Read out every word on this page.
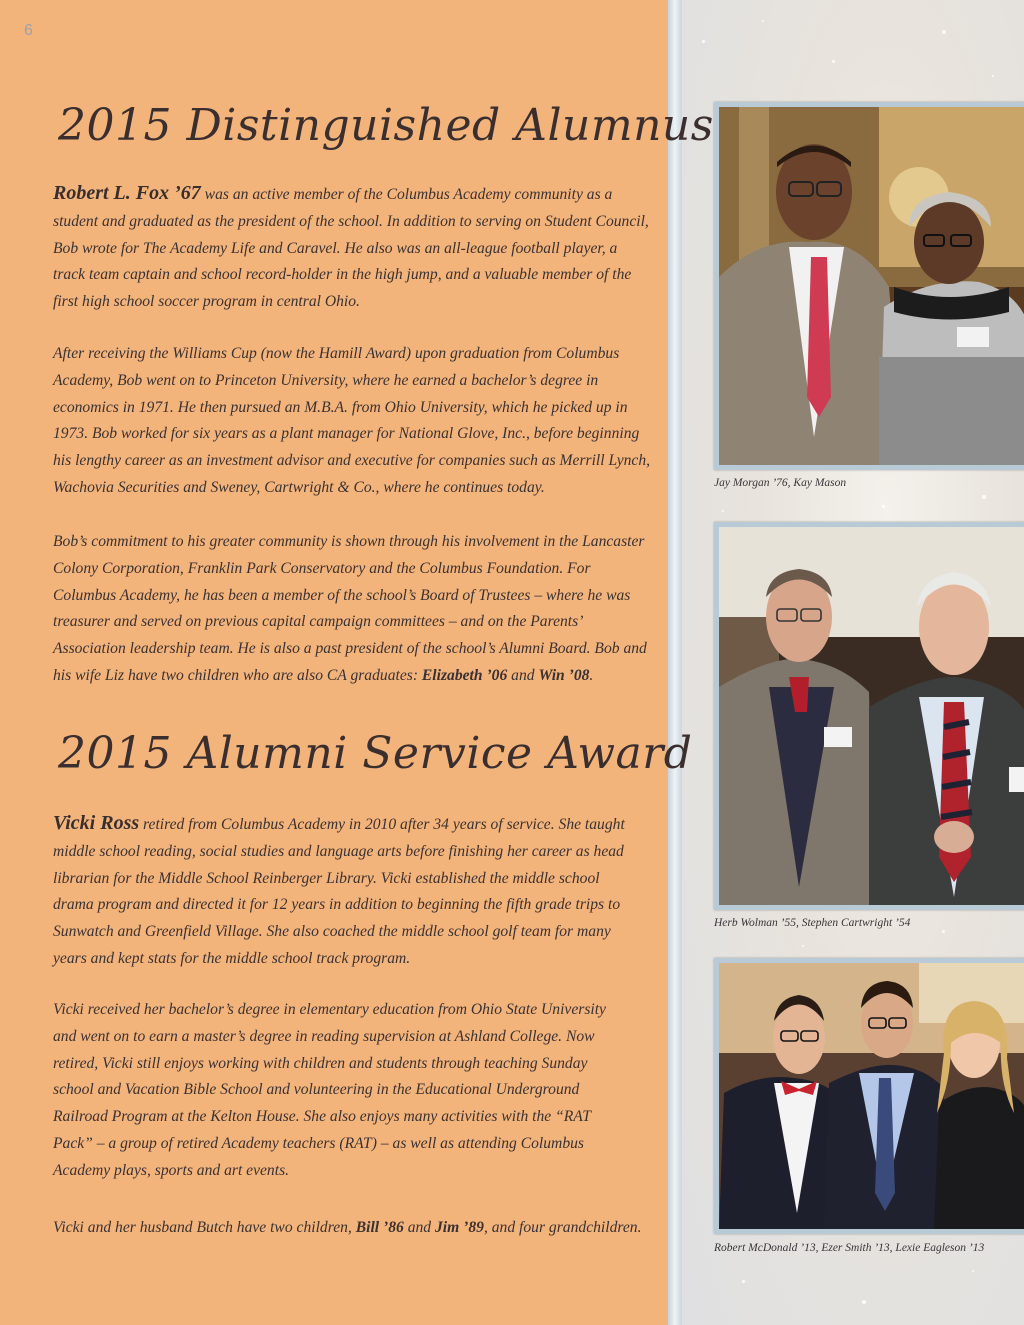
6
2015 Distinguished Alumnus

Robert L. Fox ’67 was an active member of the Columbus Academy community as a student and graduated as the president of the school. In addition to serving on Student Council, Bob wrote for The Academy Life and Caravel. He also was an all-league football player, a track team captain and school record-holder in the high jump, and a valuable member of the first high school soccer program in central Ohio.

After receiving the Williams Cup (now the Hamill Award) upon graduation from Columbus Academy, Bob went on to Princeton University, where he earned a bachelor’s degree in economics in 1971. He then pursued an M.B.A. from Ohio University, which he picked up in 1973. Bob worked for six years as a plant manager for National Glove, Inc., before beginning his lengthy career as an investment advisor and executive for companies such as Merrill Lynch, Wachovia Securities and Sweney, Cartwright & Co., where he continues today.

Bob’s commitment to his greater community is shown through his involvement in the Lancaster Colony Corporation, Franklin Park Conservatory and the Columbus Foundation. For Columbus Academy, he has been a member of the school’s Board of Trustees – where he was treasurer and served on previous capital campaign committees – and on the Parents’ Association leadership team. He is also a past president of the school’s Alumni Board. Bob and his wife Liz have two children who are also CA graduates: Elizabeth ’06 and Win ’08.

2015 Alumni Service Award

Vicki Ross retired from Columbus Academy in 2010 after 34 years of service. She taught middle school reading, social studies and language arts before finishing her career as head librarian for the Middle School Reinberger Library. Vicki established the middle school drama program and directed it for 12 years in addition to beginning the fifth grade trips to Sunwatch and Greenfield Village. She also coached the middle school golf team for many years and kept stats for the middle school track program.

Vicki received her bachelor’s degree in elementary education from Ohio State University and went on to earn a master’s degree in reading supervision at Ashland College. Now retired, Vicki still enjoys working with children and students through teaching Sunday school and Vacation Bible School and volunteering in the Educational Underground Railroad Program at the Kelton House. She also enjoys many activities with the “RAT Pack” – a group of retired Academy teachers (RAT) – as well as attending Columbus Academy plays, sports and art events.

Vicki and her husband Butch have two children, Bill ’86 and Jim ’89, and four grandchildren.

Jay Morgan ’76, Kay Mason
Herb Wolman ’55, Stephen Cartwright ’54
Robert McDonald ’13, Ezer Smith ’13, Lexie Eagleson ’13
